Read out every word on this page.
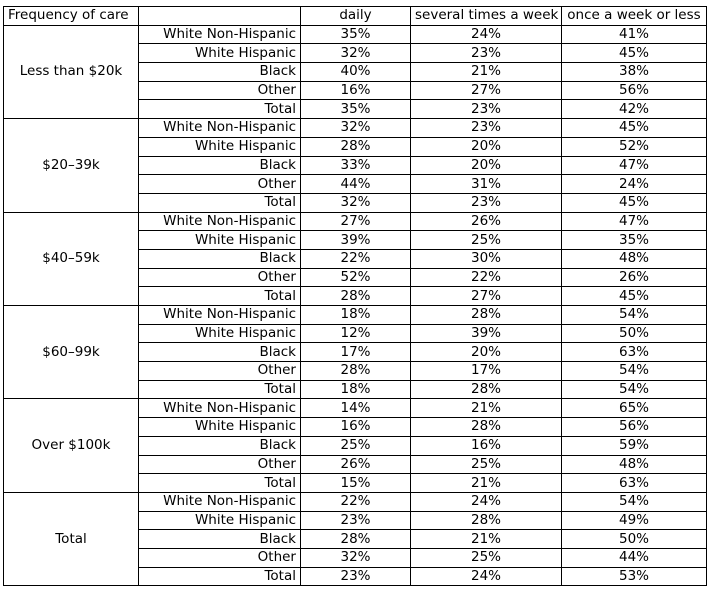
Frequency of care		daily	several times a week	once a week or less
Less than $20k	White Non-Hispanic	35%	24%	41%
	White Hispanic	32%	23%	45%
	Black	40%	21%	38%
	Other	16%	27%	56%
	Total	35%	23%	42%
$20–39k	White Non-Hispanic	32%	23%	45%
	White Hispanic	28%	20%	52%
	Black	33%	20%	47%
	Other	44%	31%	24%
	Total	32%	23%	45%
$40–59k	White Non-Hispanic	27%	26%	47%
	White Hispanic	39%	25%	35%
	Black	22%	30%	48%
	Other	52%	22%	26%
	Total	28%	27%	45%
$60–99k	White Non-Hispanic	18%	28%	54%
	White Hispanic	12%	39%	50%
	Black	17%	20%	63%
	Other	28%	17%	54%
	Total	18%	28%	54%
Over $100k	White Non-Hispanic	14%	21%	65%
	White Hispanic	16%	28%	56%
	Black	25%	16%	59%
	Other	26%	25%	48%
	Total	15%	21%	63%
Total	White Non-Hispanic	22%	24%	54%
	White Hispanic	23%	28%	49%
	Black	28%	21%	50%
	Other	32%	25%	44%
	Total	23%	24%	53%
